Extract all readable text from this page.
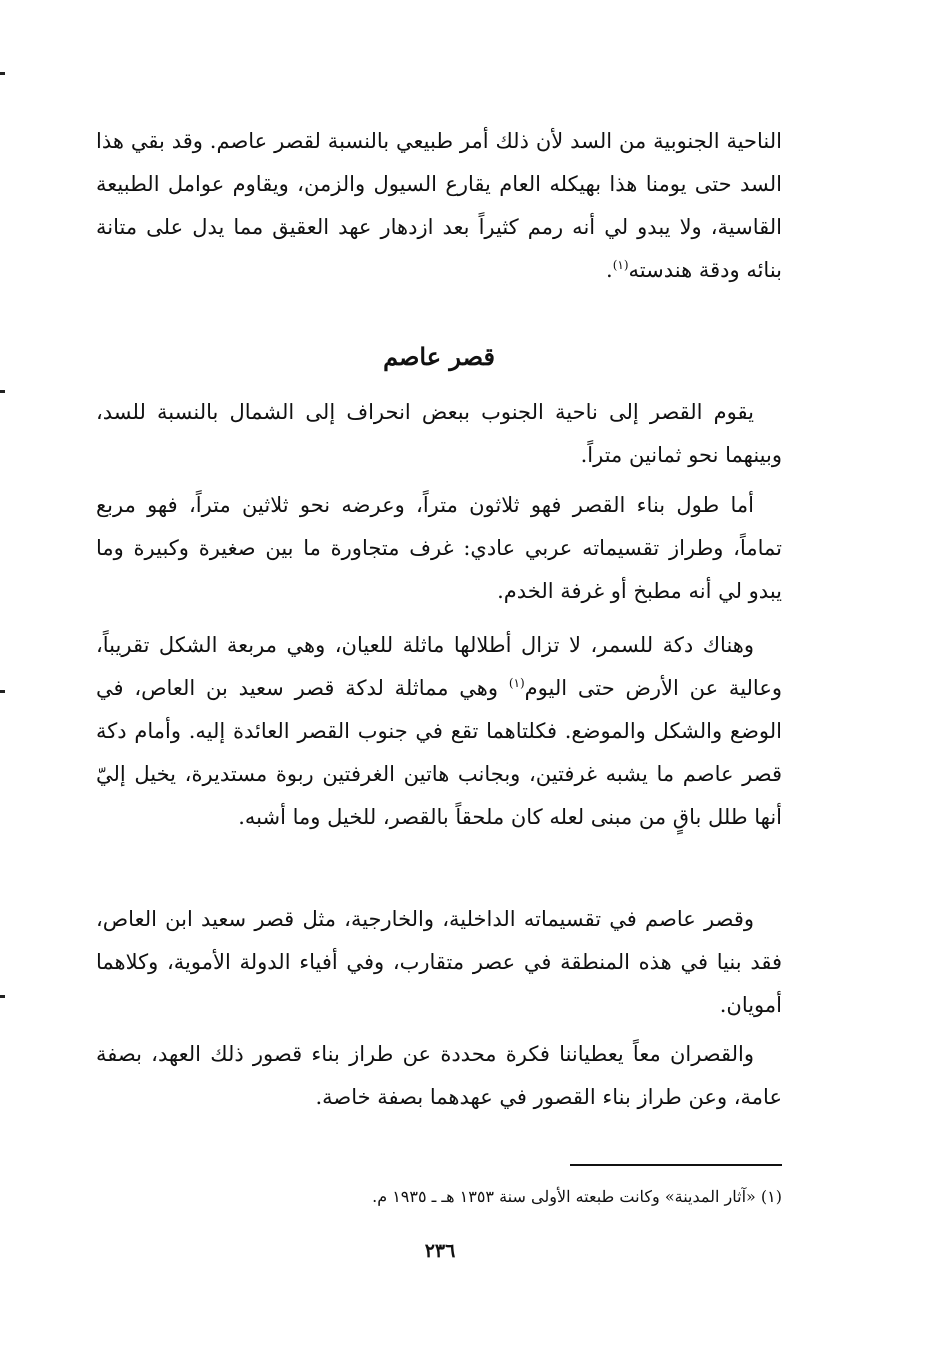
الناحية الجنوبية من السد لأن ذلك أمر طبيعي بالنسبة لقصر عاصم. وقد بقي هذا السد حتى يومنا هذا بهيكله العام يقارع السيول والزمن، ويقاوم عوامل الطبيعة القاسية، ولا يبدو لي أنه رمم كثيراً بعد ازدهار عهد العقيق مما يدل على متانة بنائه ودقة هندسته$^{(١)}$.

قصر عاصم

يقوم القصر إلى ناحية الجنوب ببعض انحراف إلى الشمال بالنسبة للسد، وبينهما نحو ثمانين متراً.

أما طول بناء القصر فهو ثلاثون متراً، وعرضه نحو ثلاثين متراً، فهو مربع تماماً، وطراز تقسيماته عربي عادي: غرف متجاورة ما بين صغيرة وكبيرة وما يبدو لي أنه مطبخ أو غرفة الخدم.

وهناك دكة للسمر، لا تزال أطلالها ماثلة للعيان، وهي مربعة الشكل تقريباً، وعالية عن الأرض حتى اليوم$^{(١)}$ وهي مماثلة لدكة قصر سعيد بن العاص، في الوضع والشكل والموضع. فكلتاهما تقع في جنوب القصر العائدة إليه. وأمام دكة قصر عاصم ما يشبه غرفتين، وبجانب هاتين الغرفتين ربوة مستديرة، يخيل إليّ أنها طلل باقٍ من مبنى لعله كان ملحقاً بالقصر، للخيل وما أشبه.

وقصر عاصم في تقسيماته الداخلية، والخارجية، مثل قصر سعيد ابن العاص، فقد بنيا في هذه المنطقة في عصر متقارب، وفي أفياء الدولة الأموية، وكلاهما أمويان.

والقصران معاً يعطياننا فكرة محددة عن طراز بناء قصور ذلك العهد، بصفة عامة، وعن طراز بناء القصور في عهدهما بصفة خاصة.

(١) «آثار المدينة» وكانت طبعته الأولى سنة ١٣٥٣ هـ ـ ١٩٣٥ م.

٢٣٦
